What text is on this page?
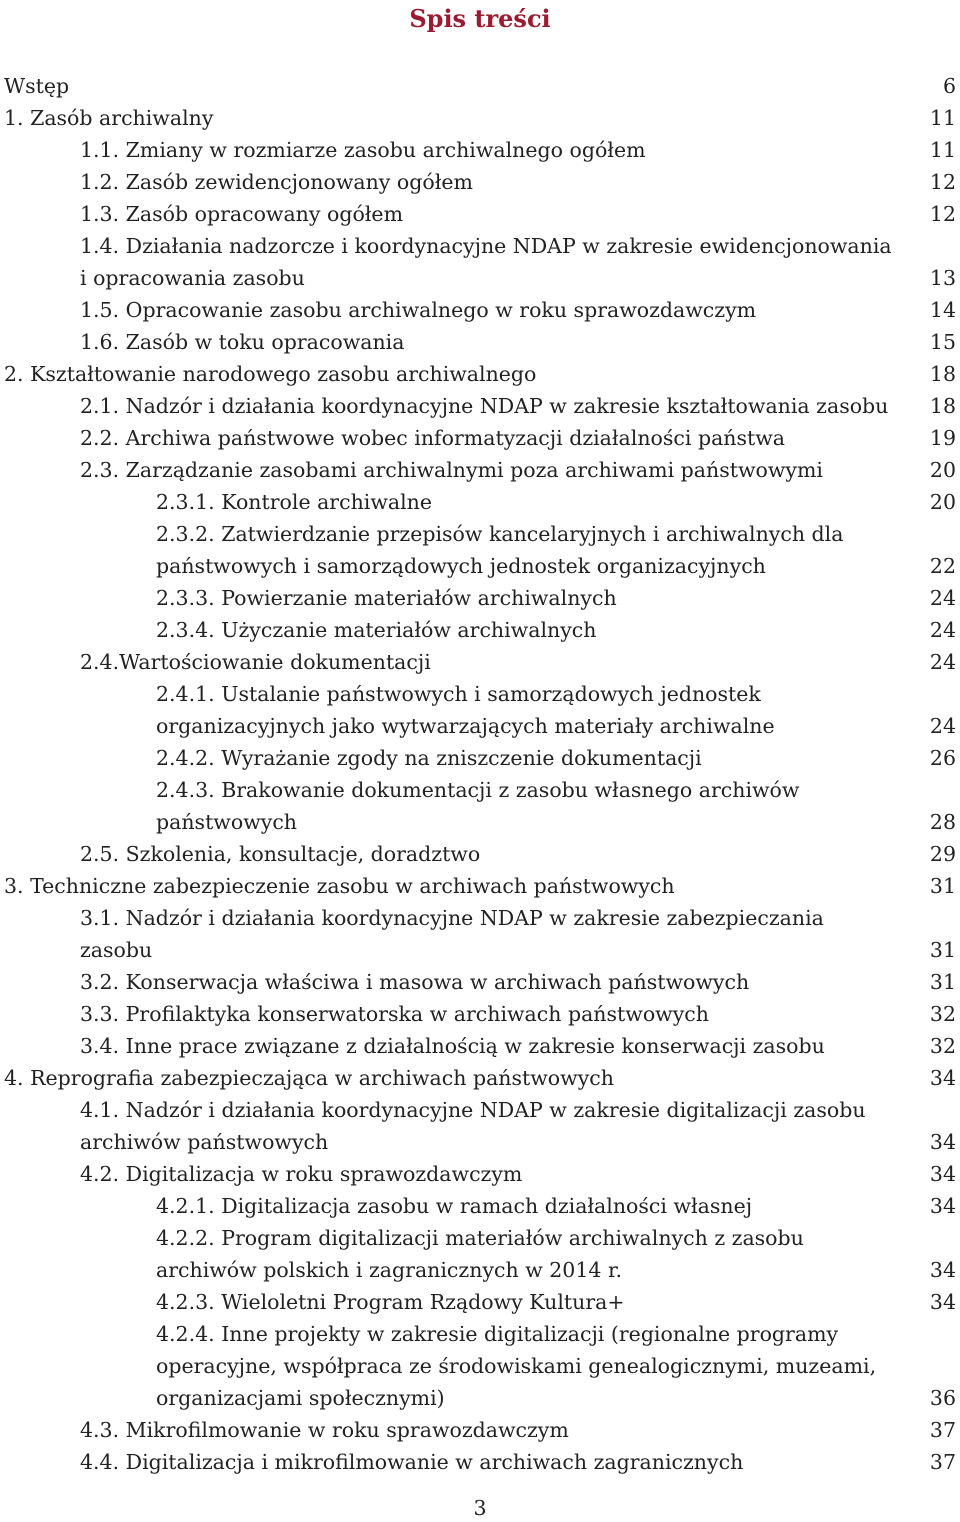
Spis treści
Wstęp	6
1. Zasób archiwalny	11
1.1. Zmiany w rozmiarze zasobu archiwalnego ogółem	11
1.2. Zasób zewidencjonowany ogółem	12
1.3. Zasób opracowany ogółem	12
1.4. Działania nadzorcze i koordynacyjne NDAP w zakresie ewidencjonowania
i opracowania zasobu	13
1.5. Opracowanie zasobu archiwalnego w roku sprawozdawczym	14
1.6. Zasób w toku opracowania	15
2. Kształtowanie narodowego zasobu archiwalnego	18
2.1. Nadzór i działania koordynacyjne NDAP w zakresie kształtowania zasobu	18
2.2. Archiwa państwowe wobec informatyzacji działalności państwa	19
2.3. Zarządzanie zasobami archiwalnymi poza archiwami państwowymi	20
2.3.1. Kontrole archiwalne	20
2.3.2. Zatwierdzanie przepisów kancelaryjnych i archiwalnych dla
państwowych i samorządowych jednostek organizacyjnych	22
2.3.3. Powierzanie materiałów archiwalnych	24
2.3.4. Użyczanie materiałów archiwalnych	24
2.4.Wartościowanie dokumentacji	24
2.4.1. Ustalanie państwowych i samorządowych jednostek
organizacyjnych jako wytwarzających materiały archiwalne	24
2.4.2. Wyrażanie zgody na zniszczenie dokumentacji	26
2.4.3. Brakowanie dokumentacji z zasobu własnego archiwów
państwowych	28
2.5. Szkolenia, konsultacje, doradztwo	29
3. Techniczne zabezpieczenie zasobu w archiwach państwowych	31
3.1. Nadzór i działania koordynacyjne NDAP w zakresie zabezpieczania
zasobu	31
3.2. Konserwacja właściwa i masowa w archiwach państwowych	31
3.3. Profilaktyka konserwatorska w archiwach państwowych	32
3.4. Inne prace związane z działalnością w zakresie konserwacji zasobu	32
4. Reprografia zabezpieczająca w archiwach państwowych	34
4.1. Nadzór i działania koordynacyjne NDAP w zakresie digitalizacji zasobu
archiwów państwowych	34
4.2. Digitalizacja w roku sprawozdawczym	34
4.2.1. Digitalizacja zasobu w ramach działalności własnej	34
4.2.2. Program digitalizacji materiałów archiwalnych z zasobu
archiwów polskich i zagranicznych w 2014 r.	34
4.2.3. Wieloletni Program Rządowy Kultura+	34
4.2.4. Inne projekty w zakresie digitalizacji (regionalne programy
operacyjne, współpraca ze środowiskami genealogicznymi, muzeami,
organizacjami społecznymi)	36
4.3. Mikrofilmowanie w roku sprawozdawczym	37
4.4. Digitalizacja i mikrofilmowanie w archiwach zagranicznych	37
3
